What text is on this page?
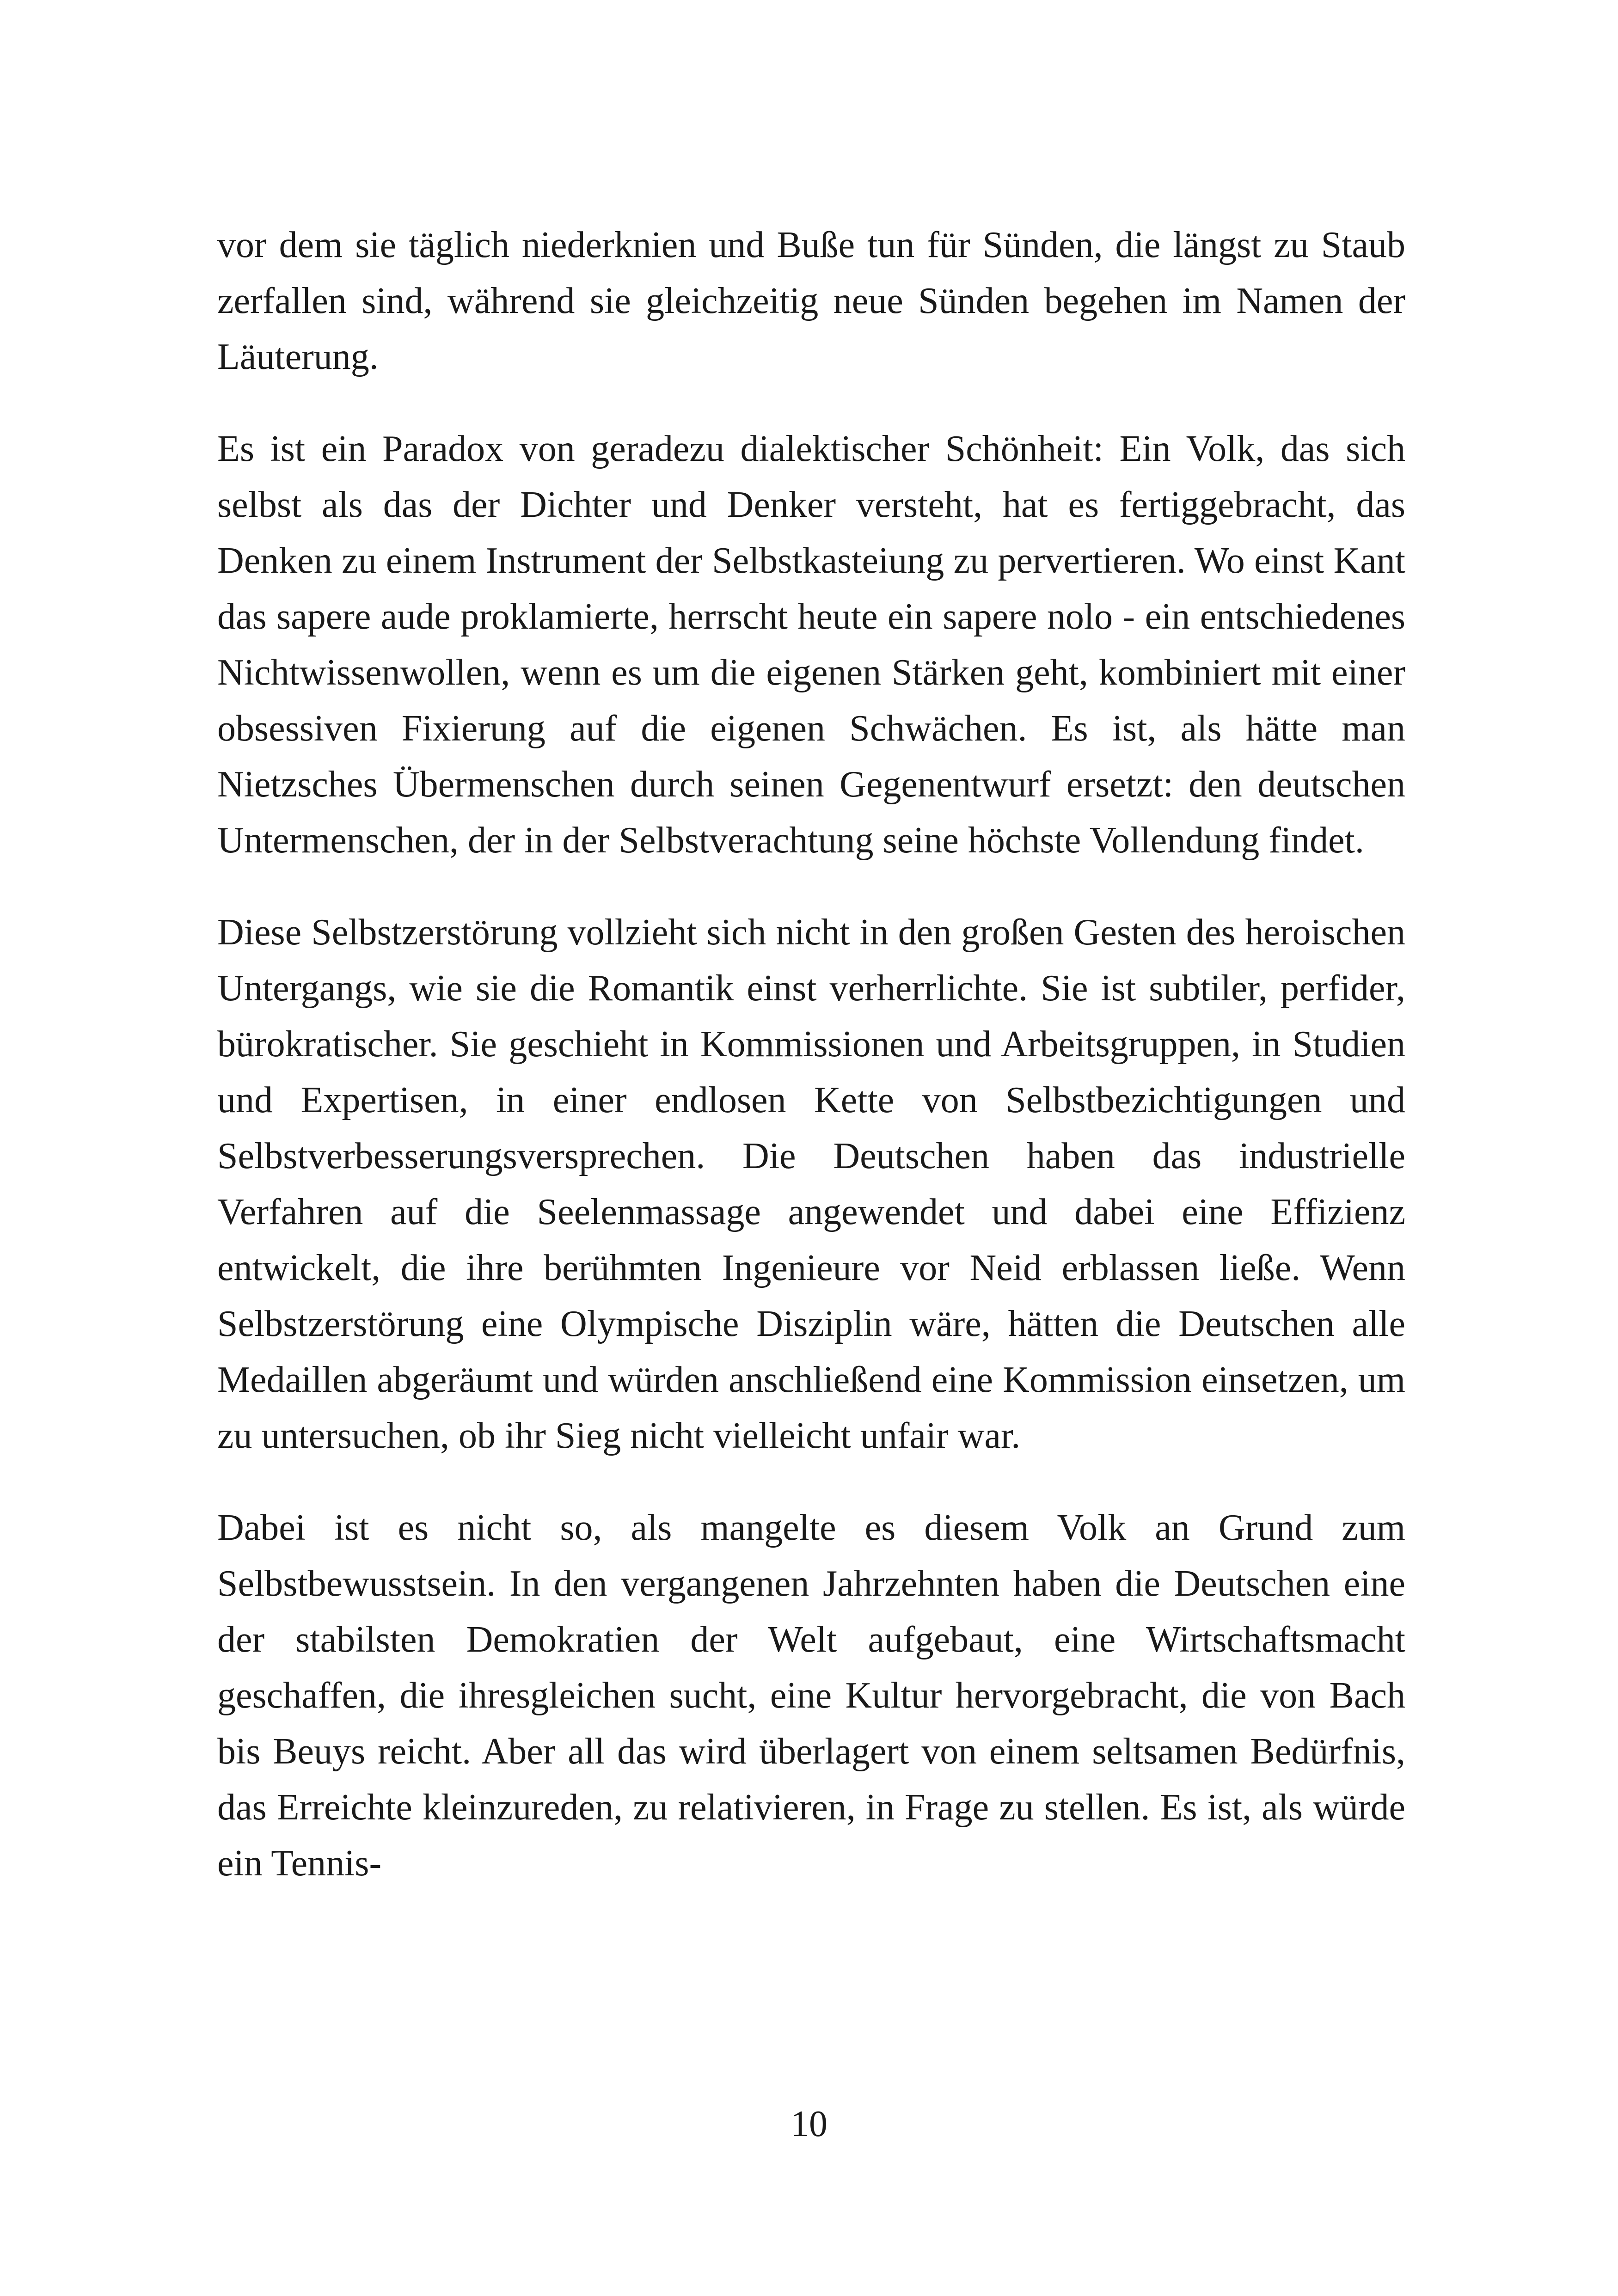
vor dem sie täglich niederknien und Buße tun für Sünden, die längst zu Staub zerfallen sind, während sie gleichzeitig neue Sünden begehen im Namen der Läuterung.

Es ist ein Paradox von geradezu dialektischer Schönheit: Ein Volk, das sich selbst als das der Dichter und Denker versteht, hat es fertiggebracht, das Denken zu einem Instrument der Selbstkasteiung zu pervertieren. Wo einst Kant das sapere aude proklamierte, herrscht heute ein sapere nolo - ein entschiedenes Nichtwissenwollen, wenn es um die eigenen Stärken geht, kombiniert mit einer obsessiven Fixierung auf die eigenen Schwächen. Es ist, als hätte man Nietzsches Übermenschen durch seinen Gegenentwurf ersetzt: den deutschen Untermenschen, der in der Selbstverachtung seine höchste Vollendung findet.

Diese Selbstzerstörung vollzieht sich nicht in den großen Gesten des heroischen Untergangs, wie sie die Romantik einst verherrlichte. Sie ist subtiler, perfider, bürokratischer. Sie geschieht in Kommissionen und Arbeitsgruppen, in Studien und Expertisen, in einer endlosen Kette von Selbstbezichtigungen und Selbstverbesserungsversprechen. Die Deutschen haben das industrielle Verfahren auf die Seelenmassage angewendet und dabei eine Effizienz entwickelt, die ihre berühmten Ingenieure vor Neid erblassen ließe. Wenn Selbstzerstörung eine Olympische Disziplin wäre, hätten die Deutschen alle Medaillen abgeräumt und würden anschließend eine Kommission einsetzen, um zu untersuchen, ob ihr Sieg nicht vielleicht unfair war.

Dabei ist es nicht so, als mangelte es diesem Volk an Grund zum Selbstbewusstsein. In den vergangenen Jahrzehnten haben die Deutschen eine der stabilsten Demokratien der Welt aufgebaut, eine Wirtschaftsmacht geschaffen, die ihresgleichen sucht, eine Kultur hervorgebracht, die von Bach bis Beuys reicht. Aber all das wird überlagert von einem seltsamen Bedürfnis, das Erreichte kleinzureden, zu relativieren, in Frage zu stellen. Es ist, als würde ein Tennis-

10
